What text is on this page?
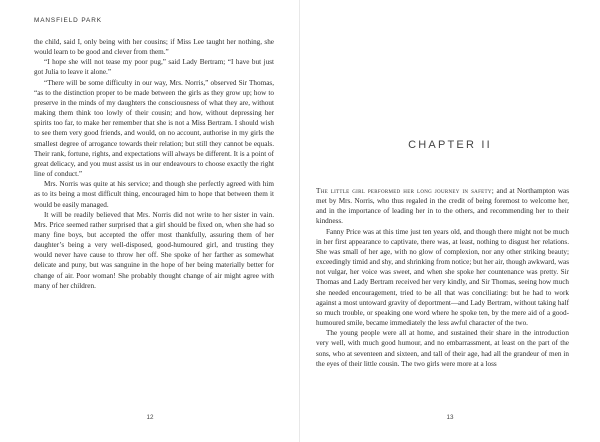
MANSFIELD PARK

the child, said I, only being with her cousins; if Miss Lee taught her nothing, she would learn to be good and clever from them.”

“I hope she will not tease my poor pug,” said Lady Bertram; “I have but just got Julia to leave it alone.”

“There will be some difficulty in our way, Mrs. Norris,” observed Sir Thomas, “as to the distinction proper to be made between the girls as they grow up; how to preserve in the minds of my daughters the consciousness of what they are, without making them think too lowly of their cousin; and how, without depressing her spirits too far, to make her remember that she is not a Miss Bertram. I should wish to see them very good friends, and would, on no account, authorise in my girls the smallest degree of arrogance towards their relation; but still they cannot be equals. Their rank, fortune, rights, and expectations will always be different. It is a point of great delicacy, and you must assist us in our endeavours to choose exactly the right line of conduct.”

Mrs. Norris was quite at his service; and though she perfectly agreed with him as to its being a most difficult thing, encouraged him to hope that between them it would be easily managed.

It will be readily believed that Mrs. Norris did not write to her sister in vain. Mrs. Price seemed rather surprised that a girl should be fixed on, when she had so many fine boys, but accepted the offer most thankfully, assuring them of her daughter’s being a very well-disposed, good-humoured girl, and trusting they would never have cause to throw her off. She spoke of her farther as somewhat delicate and puny, but was sanguine in the hope of her being materially better for change of air. Poor woman! She probably thought change of air might agree with many of her children.

12
CHAPTER II

The little girl performed her long journey in safety; and at Northampton was met by Mrs. Norris, who thus regaled in the credit of being foremost to welcome her, and in the importance of leading her in to the others, and recommending her to their kindness.

Fanny Price was at this time just ten years old, and though there might not be much in her first appearance to captivate, there was, at least, nothing to disgust her relations. She was small of her age, with no glow of complexion, nor any other striking beauty; exceedingly timid and shy, and shrinking from notice; but her air, though awkward, was not vulgar, her voice was sweet, and when she spoke her countenance was pretty. Sir Thomas and Lady Bertram received her very kindly, and Sir Thomas, seeing how much she needed encouragement, tried to be all that was conciliating: but he had to work against a most untoward gravity of deportment—and Lady Bertram, without taking half so much trouble, or speaking one word where he spoke ten, by the mere aid of a good-humoured smile, became immediately the less awful character of the two.

The young people were all at home, and sustained their share in the introduction very well, with much good humour, and no embarrassment, at least on the part of the sons, who at seventeen and sixteen, and tall of their age, had all the grandeur of men in the eyes of their little cousin. The two girls were more at a loss

13
